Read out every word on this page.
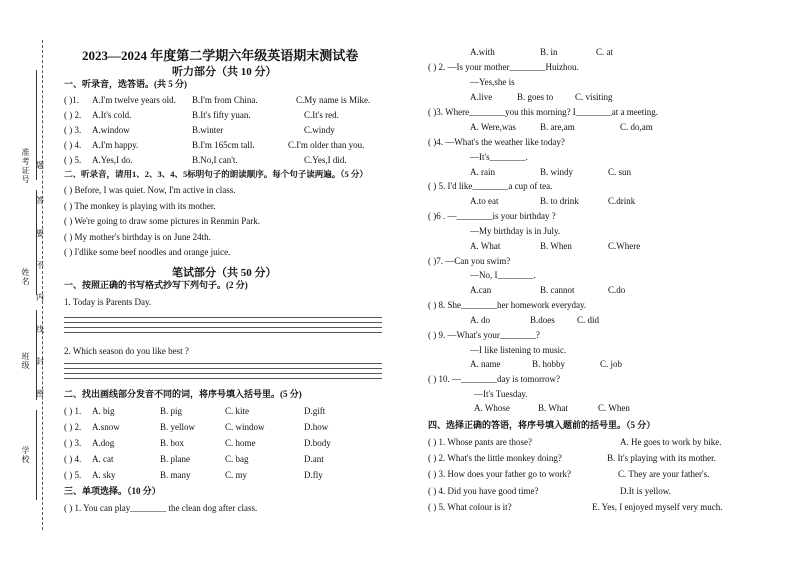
准考证号
姓名
班级
学校
题
答
要
不
内
线
封
密
2023—2024 年度第二学期六年级英语期末测试卷
听力部分（共 10 分）
一、听录音，选答语。(共 5 分)
( )1. A.I'm twelve years old. B.I'm from China.	C.My name is Mike.
( ) 2. A.It's cold.	B.It's fifty yuan.	C.It's red.
( ) 3. A.window	B.winter	C.windy
( ) 4. A.I'm happy.	B.I'm 165cm tall.	C.I'm older than you.
( ) 5. A.Yes,I do.	B.No,I can't.	C.Yes,I did.
二、听录音，请用1、2、3、4、5标明句子的朗读顺序。每个句子读两遍。（5 分）
( ) Before, I was quiet. Now, I'm active in class.
( ) The monkey is playing with its mother.
( ) We're going to draw some pictures in Renmin Park.
( ) My mother's birthday is on June 24th.
( ) I'dlike some beef noodles and orange juice.
笔试部分（共 50 分）
一、按照正确的书写格式抄写下列句子。(2 分)
1. Today is Parents Day.
2. Which season do you like best ?
二、找出画线部分发音不同的词，将序号填入括号里。(5 分)
( ) 1. A. big	B. pig	C. kite	D.gift
( ) 2. A.snow	B. yellow	C. window	D.how
( ) 3. A.dog	B. box	C. home	D.body
( ) 4. A. cat	B. plane	C. bag	D.ant
( ) 5. A. sky	B. many	C. my	D.fly
三、单项选择。（10 分）
( ) 1. You can play________ the clean dog after class.
A.with	B. in	C. at
( ) 2. —Is your mother________Huizhou.
—Yes,she is
A.live	B. goes to C. visiting
( )3. Where________you this morning? I________at a meeting.
A. Were,was	B. are,am	C. do,am
( )4. —What's the weather like today?
—It's________.
A. rain	B. windy	C. sun
( ) 5. I'd like________a cup of tea.
A.to eat	B. to drink	C.drink
( )6 . —________is your birthday ?
—My birthday is in July.
A. What	B. When	C.Where
( )7. —Can you swim?
—No, I________.
A.can	B. cannot	C.do
( ) 8. She________her homework everyday.
A. do	B.does C. did
( ) 9. —What's your________?
—I like listening to music.
A. name	B. hobby	C. job
( ) 10. —________day is tomorrow?
—It's Tuesday.
A. Whose	B. What	C. When
四、选择正确的答语，将序号填入题前的括号里。（5 分）
( ) 1. Whose pants are those?	A. He goes to work by bike.
( ) 2. What's the little monkey doing?	B. It's playing with its mother.
( ) 3. How does your father go to work?	C. They are your father's.
( ) 4. Did you have good time?	D.It is yellow.
( ) 5. What colour is it?	E. Yes, I enjoyed myself very much.
